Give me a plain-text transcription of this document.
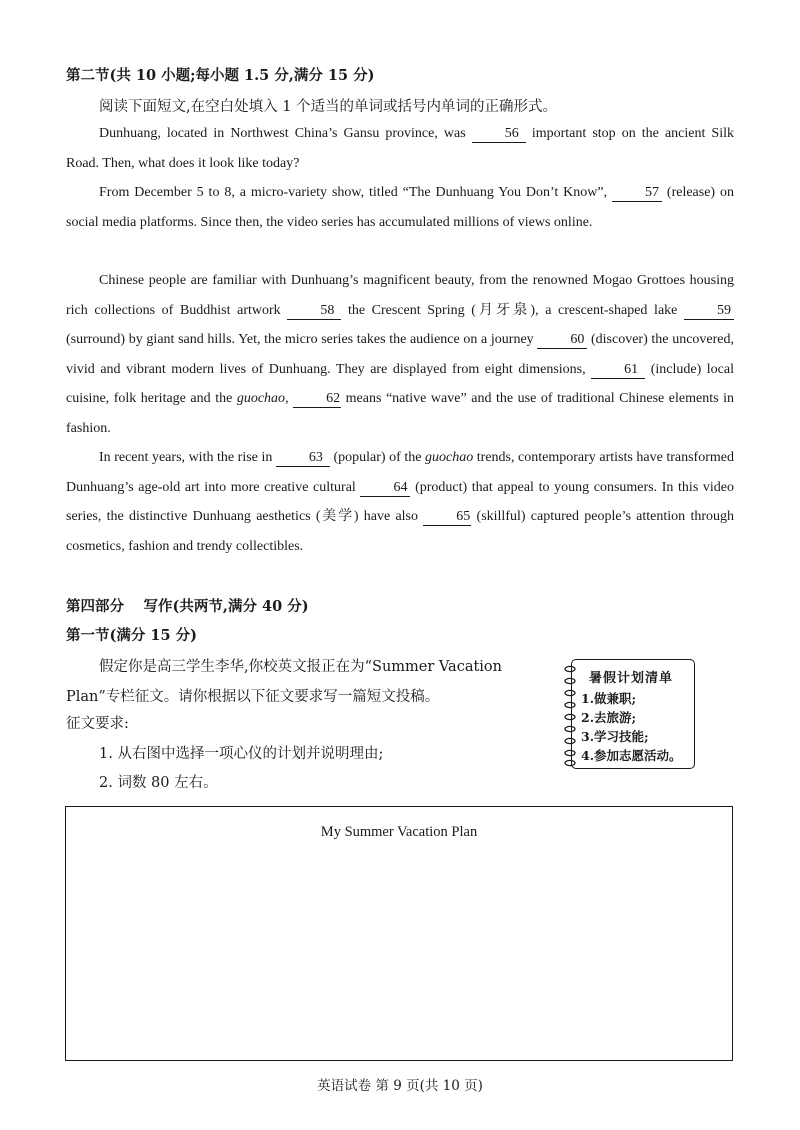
第二节(共 10 小题;每小题 1.5 分,满分 15 分)
阅读下面短文,在空白处填入 1 个适当的单词或括号内单词的正确形式。
Dunhuang, located in Northwest China’s Gansu province, was 56 important stop on the ancient Silk Road. Then, what does it look like today?
From December 5 to 8, a micro-variety show, titled “The Dunhuang You Don’t Know”, 57 (release) on social media platforms. Since then, the video series has accumulated millions of views online.
Chinese people are familiar with Dunhuang’s magnificent beauty, from the renowned Mogao Grottoes housing rich collections of Buddhist artwork 58 the Crescent Spring (月牙泉), a crescent-shaped lake 59 (surround) by giant sand hills. Yet, the micro series takes the audience on a journey 60 (discover) the uncovered, vivid and vibrant modern lives of Dunhuang. They are displayed from eight dimensions, 61 (include) local cuisine, folk heritage and the guochao, 62 means “native wave” and the use of traditional Chinese elements in fashion.
In recent years, with the rise in 63 (popular) of the guochao trends, contemporary artists have transformed Dunhuang’s age-old art into more creative cultural 64 (product) that appeal to young consumers. In this video series, the distinctive Dunhuang aesthetics (美学) have also 65 (skillful) captured people’s attention through cosmetics, fashion and trendy collectibles.
第四部分　 写作(共两节,满分 40 分)
第一节(满分 15 分)
假定你是高三学生李华,你校英文报正在为“Summer Vacation
Plan”专栏征文。请你根据以下征文要求写一篇短文投稿。
征文要求:
1. 从右图中选择一项心仪的计划并说明理由;
2. 词数 80 左右。
暑假计划清单
1.做兼职;
2.去旅游;
3.学习技能;
4.参加志愿活动。
My Summer Vacation Plan
英语试卷 第 9 页(共 10 页)
